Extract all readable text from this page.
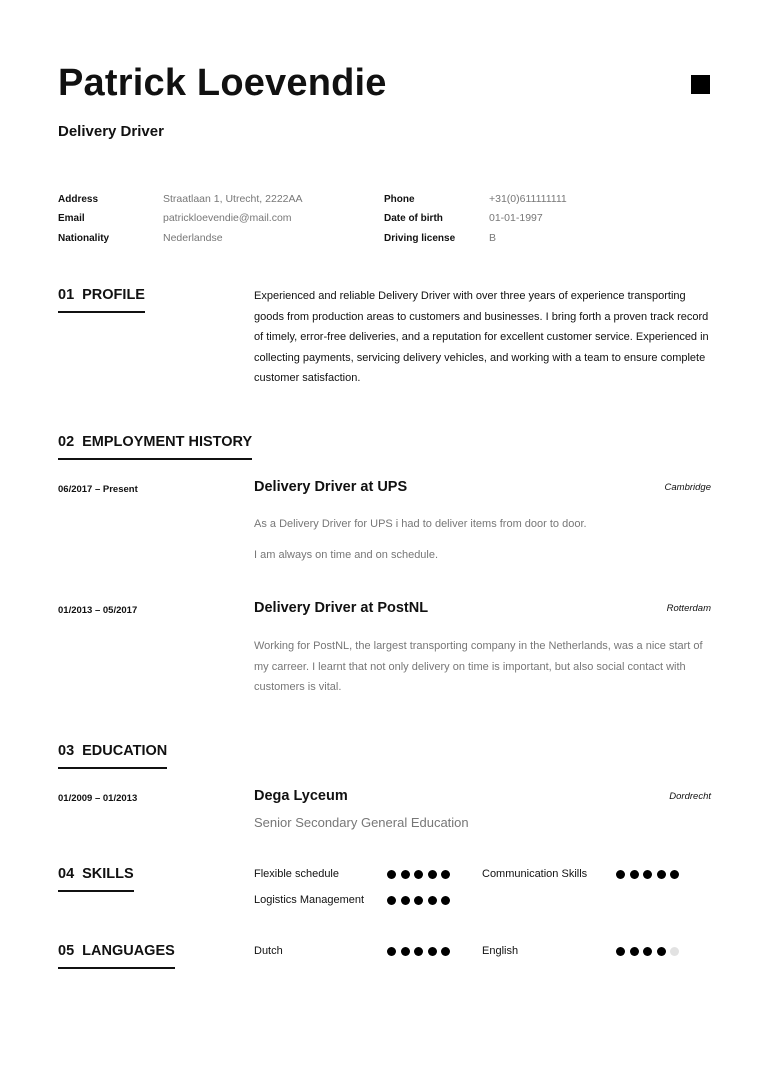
Patrick Loevendie
Delivery Driver
Address	Straatlaan 1, Utrecht, 2222AA
Email	patrickloevendie@mail.com
Nationality	Nederlandse
Phone	+31(0)611111111
Date of birth	01-01-1997
Driving license	B
01 PROFILE	Experienced and reliable Delivery Driver with over three years of experience transporting goods from production areas to customers and businesses. I bring forth a proven track record of timely, error-free deliveries, and a reputation for excellent customer service. Experienced in collecting payments, servicing delivery vehicles, and working with a team to ensure complete customer satisfaction.
02 EMPLOYMENT HISTORY
06/2017 – Present	Delivery Driver at UPS	Cambridge
As a Delivery Driver for UPS i had to deliver items from door to door.
I am always on time and on schedule.
01/2013 – 05/2017	Delivery Driver at PostNL	Rotterdam
Working for PostNL, the largest transporting company in the Netherlands, was a nice start of my carreer. I learnt that not only delivery on time is important, but also social contact with customers is vital.
03 EDUCATION
01/2009 – 01/2013	Dega Lyceum	Dordrecht
Senior Secondary General Education
04 SKILLS	Flexible schedule	Communication Skills
Logistics Management
05 LANGUAGES	Dutch	English
